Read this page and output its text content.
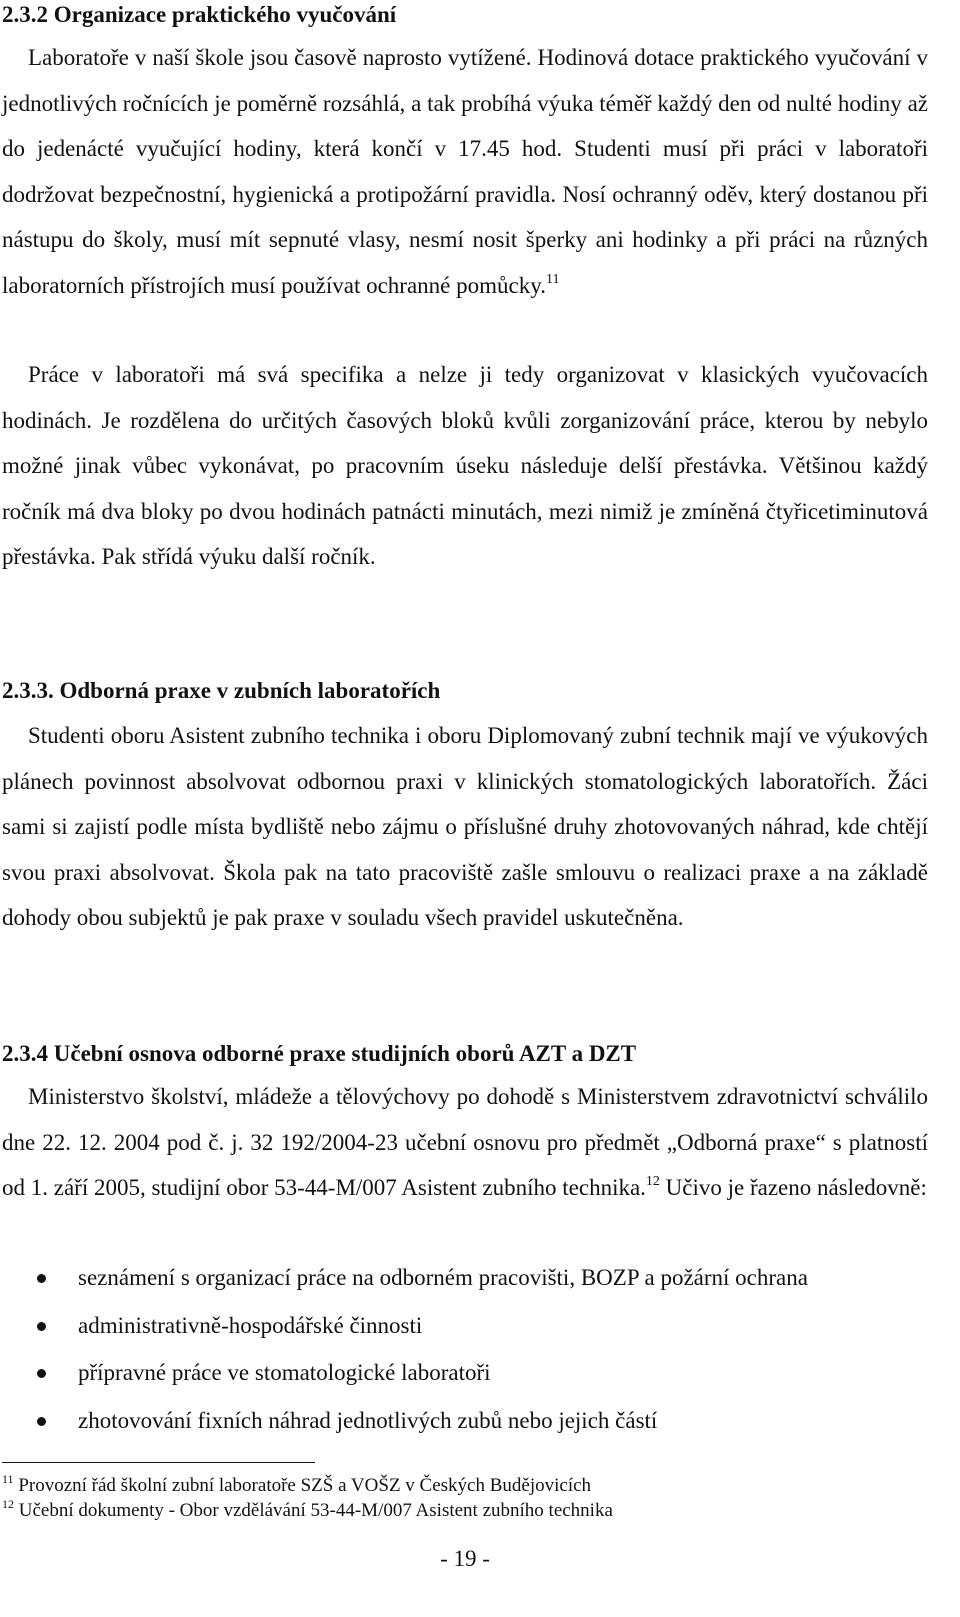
2.3.2 Organizace praktického vyučování

Laboratoře v naší škole jsou časově naprosto vytížené. Hodinová dotace praktického vyučování v jednotlivých ročnících je poměrně rozsáhlá, a tak probíhá výuka téměř každý den od nulté hodiny až do jedenácté vyučující hodiny, která končí v 17.45 hod. Studenti musí při práci v laboratoři dodržovat bezpečnostní, hygienická a protipožární pravidla. Nosí ochranný oděv, který dostanou při nástupu do školy, musí mít sepnuté vlasy, nesmí nosit šperky ani hodinky a při práci na různých laboratorních přístrojích musí používat ochranné pomůcky.$^{11}$

Práce v laboratoři má svá specifika a nelze ji tedy organizovat v klasických vyučovacích hodinách. Je rozdělena do určitých časových bloků kvůli zorganizování práce, kterou by nebylo možné jinak vůbec vykonávat, po pracovním úseku následuje delší přestávka. Většinou každý ročník má dva bloky po dvou hodinách patnácti minutách, mezi nimiž je zmíněná čtyřicetiminutová přestávka. Pak střídá výuku další ročník.

2.3.3. Odborná praxe v zubních laboratořích

Studenti oboru Asistent zubního technika i oboru Diplomovaný zubní technik mají ve výukových plánech povinnost absolvovat odbornou praxi v klinických stomatologických laboratořích. Žáci sami si zajistí podle místa bydliště nebo zájmu o příslušné druhy zhotovovaných náhrad, kde chtějí svou praxi absolvovat. Škola pak na tato pracoviště zašle smlouvu o realizaci praxe a na základě dohody obou subjektů je pak praxe v souladu všech pravidel uskutečněna.

2.3.4 Učební osnova odborné praxe studijních oborů AZT a DZT

Ministerstvo školství, mládeže a tělovýchovy po dohodě s Ministerstvem zdravotnictví schválilo dne 22. 12. 2004 pod č. j. 32 192/2004-23 učební osnovu pro předmět „Odborná praxe“ s platností od 1. září 2005, studijní obor 53-44-M/007 Asistent zubního technika.$^{12}$ Učivo je řazeno následovně:

seznámení s organizací práce na odborném pracovišti, BOZP a požární ochrana
administrativně-hospodářské činnosti
přípravné práce ve stomatologické laboratoři
zhotovování fixních náhrad jednotlivých zubů nebo jejich částí
$^{11}$ Provozní řád školní zubní laboratoře SZŠ a VOŠZ v Českých Budějovicích
$^{12}$ Učební dokumenty - Obor vzdělávání 53-44-M/007 Asistent zubního technika
- 19 -
